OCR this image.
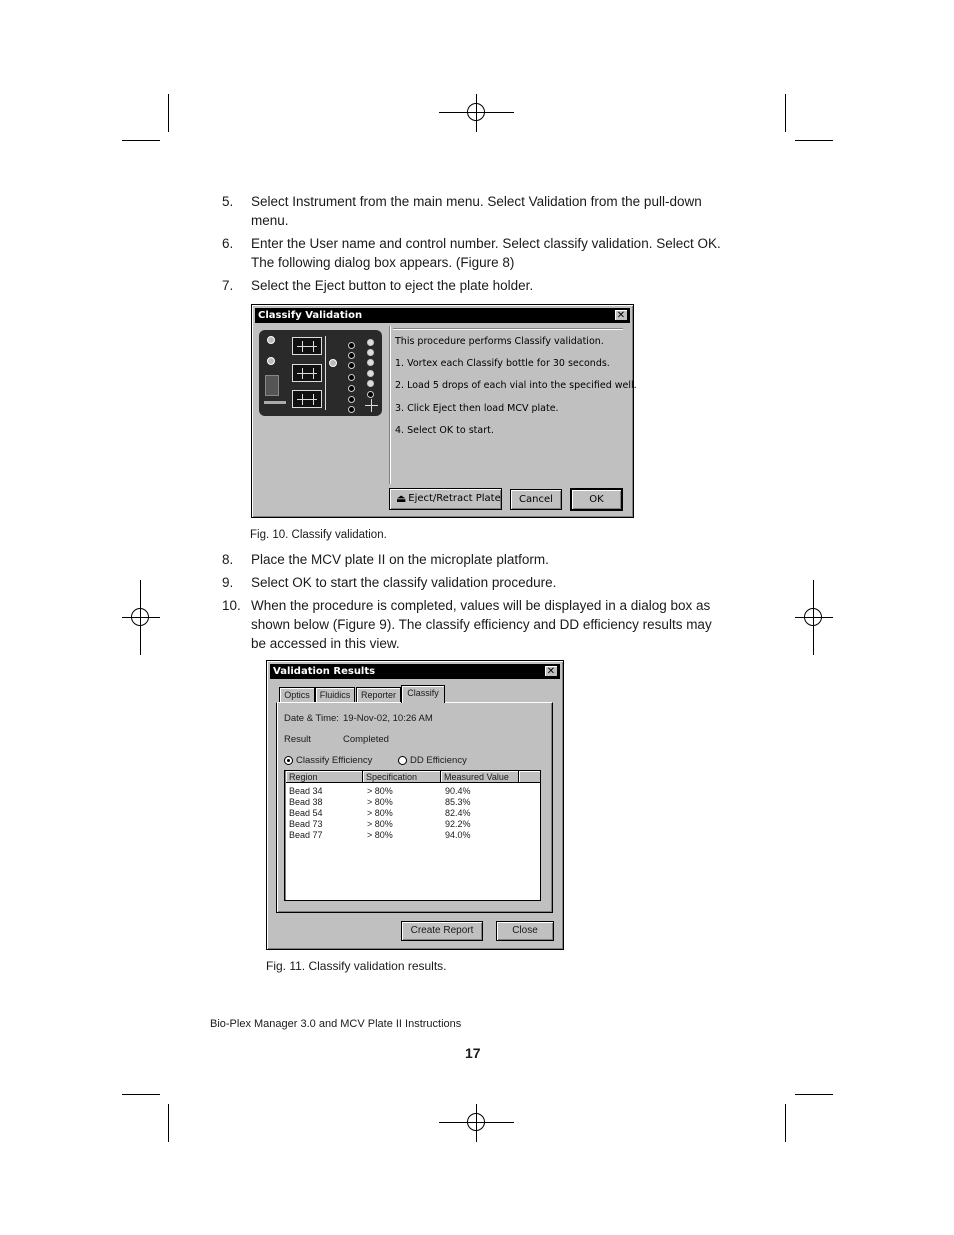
5. Select Instrument from the main menu. Select Validation from the pull-down menu.
6. Enter the User name and control number. Select classify validation. Select OK. The following dialog box appears. (Figure 8)
7. Select the Eject button to eject the plate holder.
Classify Validation	✕
This procedure performs Classify validation.
1. Vortex each Classify bottle for 30 seconds.
2. Load 5 drops of each vial into the specified well.
3. Click Eject then load MCV plate.
4. Select OK to start.
⏏ Eject/Retract Plate	Cancel	OK
Fig. 10. Classify validation.
8. Place the MCV plate II on the microplate platform.
9. Select OK to start the classify validation procedure.
10. When the procedure is completed, values will be displayed in a dialog box as shown below (Figure 9). The classify efficiency and DD efficiency results may be accessed in this view.
Validation Results	✕
Optics	Fluidics	Reporter	Classify
Date & Time: 19-Nov-02, 10:26 AM
Result	Completed
Classify Efficiency	DD Efficiency
Region	Specification	Measured Value
Bead 34	> 80%	90.4%
Bead 38	> 80%	85.3%
Bead 54	> 80%	82.4%
Bead 73	> 80%	92.2%
Bead 77	> 80%	94.0%
Create Report	Close
Fig. 11. Classify validation results.
Bio-Plex Manager 3.0 and MCV Plate II Instructions
17
